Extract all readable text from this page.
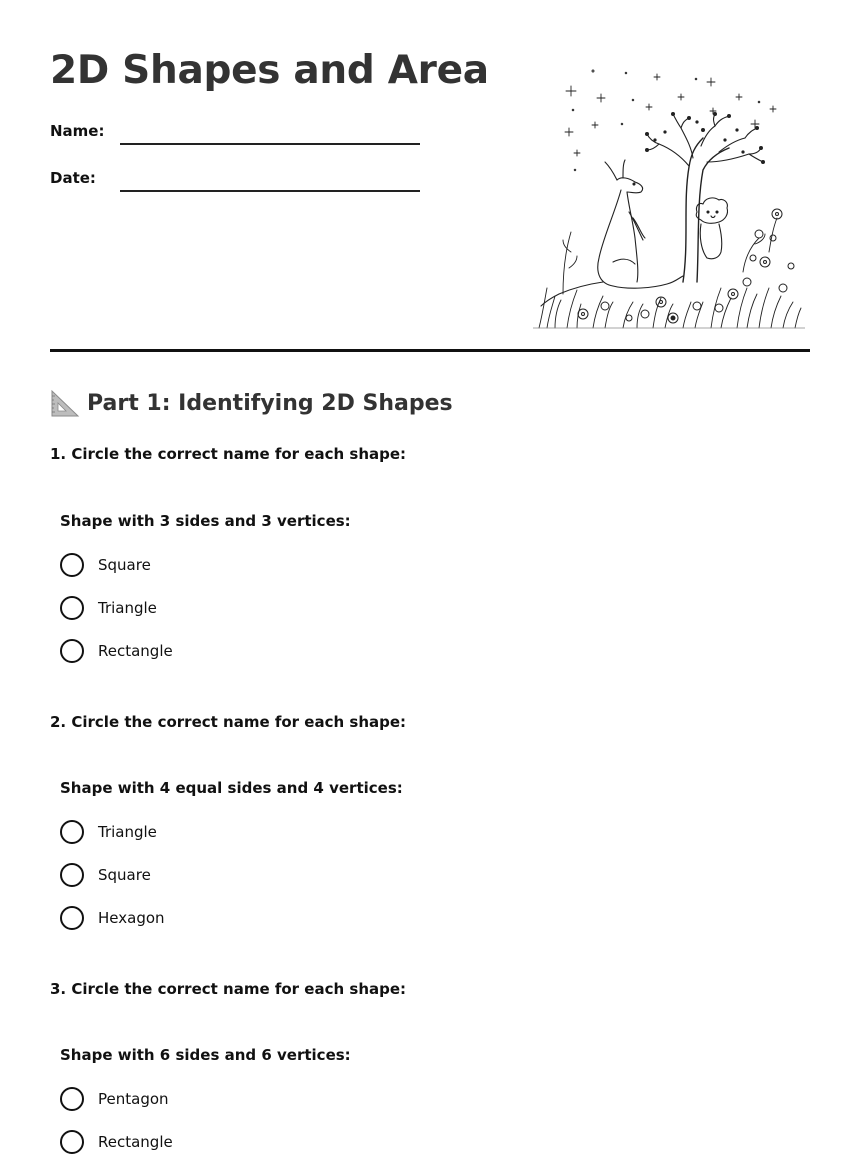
2D Shapes and Area
Name:
Date:
Part 1: Identifying 2D Shapes
1. Circle the correct name for each shape:
Shape with 3 sides and 3 vertices:
Square
Triangle
Rectangle
2. Circle the correct name for each shape:
Shape with 4 equal sides and 4 vertices:
Triangle
Square
Hexagon
3. Circle the correct name for each shape:
Shape with 6 sides and 6 vertices:
Pentagon
Rectangle
